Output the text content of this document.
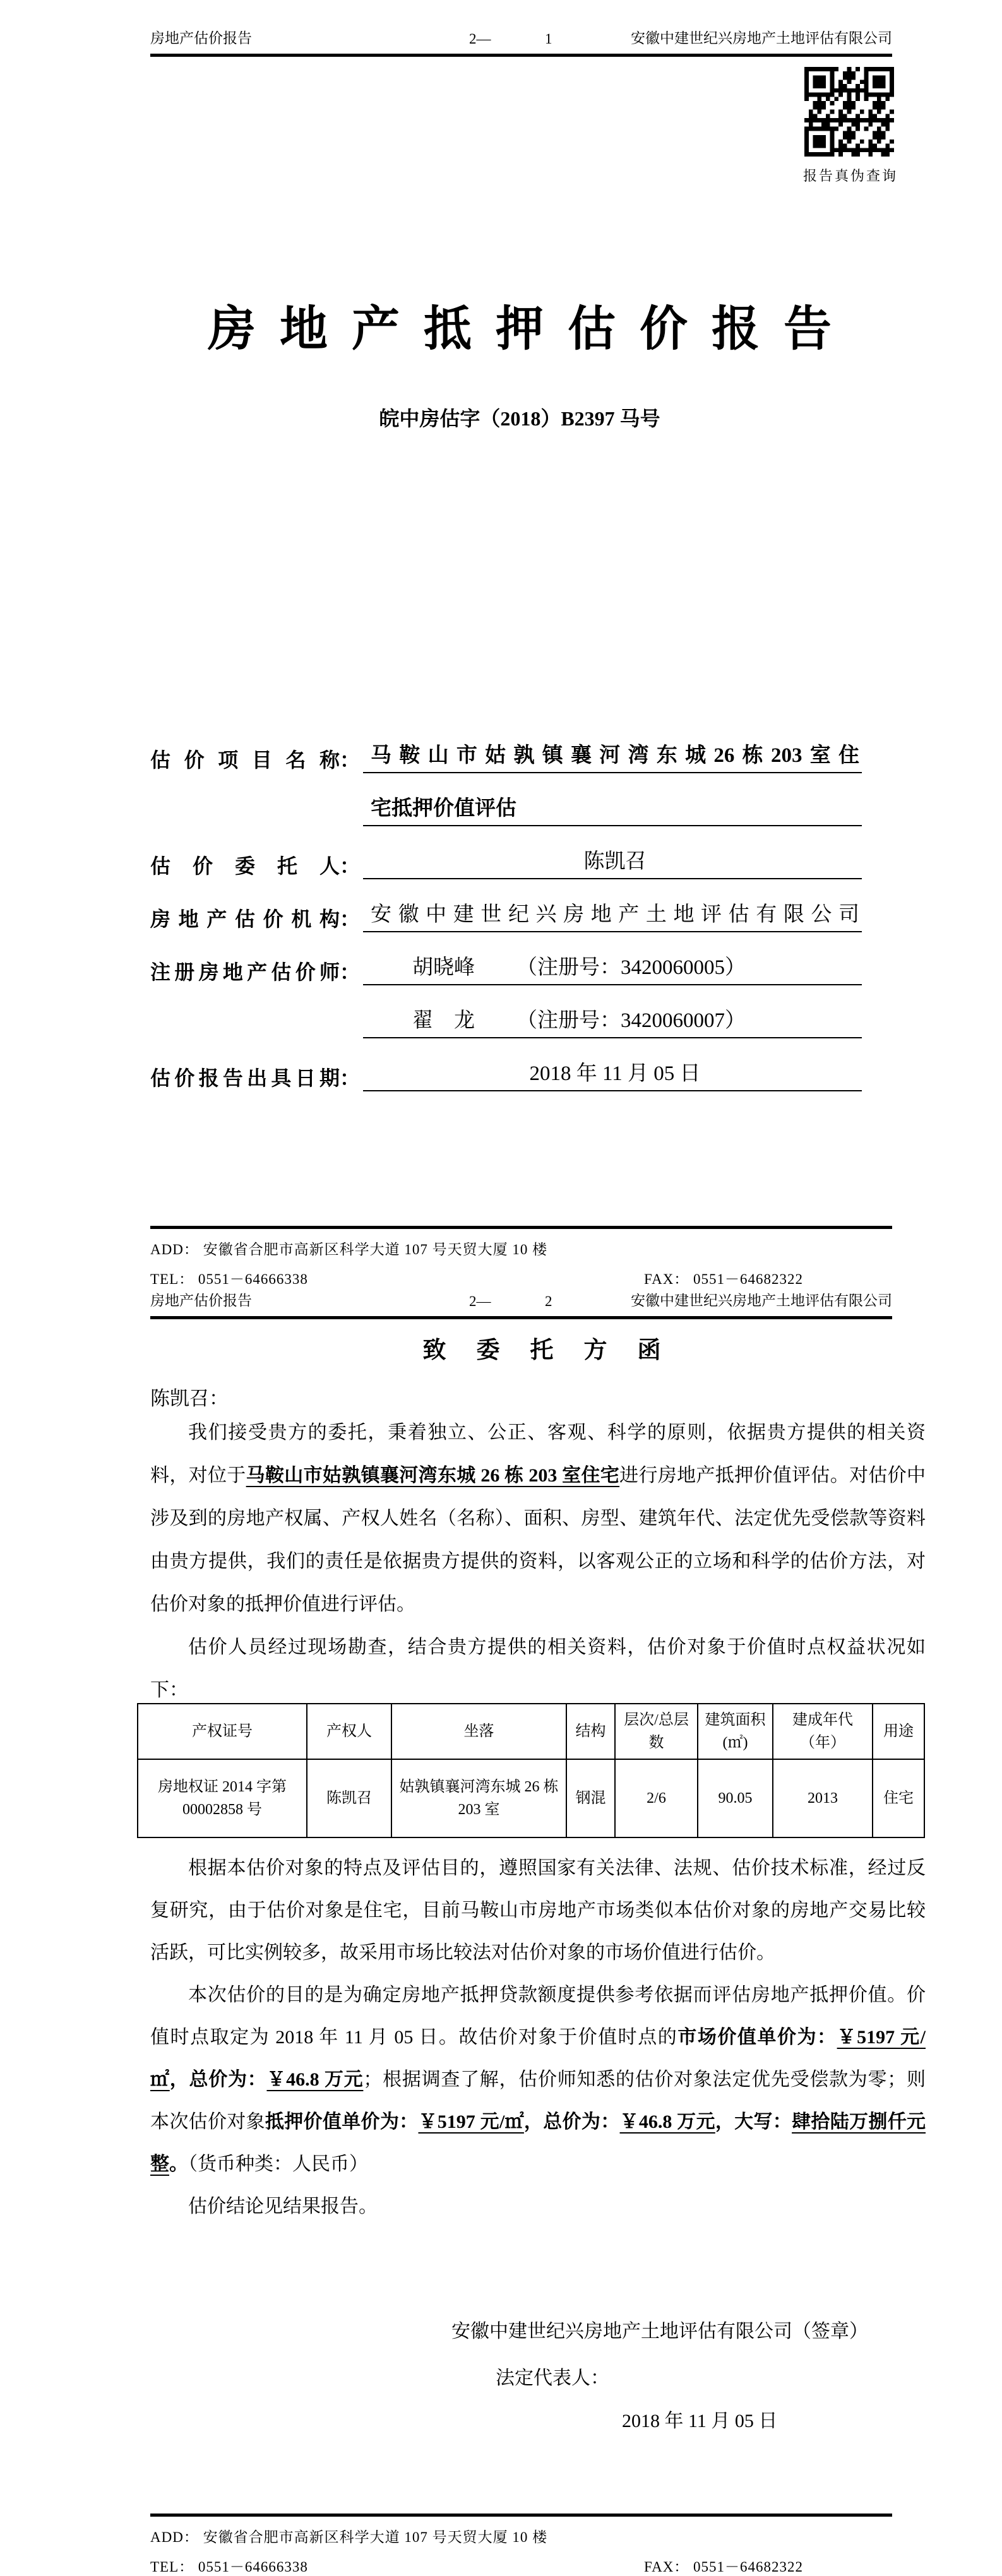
房地产估价报告	2—	1	安徽中建世纪兴房地产土地评估有限公司
报告真伪查询
房地产抵押估价报告
皖中房估字（2018）B2397 马号
估价项目名称 ： 马鞍山市姑孰镇襄河湾东城26栋203室住
宅抵押价值评估
估价委托人 ：	陈凯召
房地产估价机构 ： 安徽中建世纪兴房地产土地评估有限公司
注册房地产估价师 ：	胡晓峰 （注册号：3420060005）
翟　龙 （注册号：3420060007）
估价报告出具日期 ：	2018 年 11 月 05 日
ADD： 安徽省合肥市高新区科学大道 107 号天贸大厦 10 楼
TEL： 0551－64666338	FAX： 0551－64682322
房地产估价报告	2—	2	安徽中建世纪兴房地产土地评估有限公司
致委托方函
陈凯召：

我们接受贵方的委托，秉着独立、公正、客观、科学的原则，依据贵方提供的相关资料，对位于马鞍山市姑孰镇襄河湾东城 26 栋 203 室住宅进行房地产抵押价值评估。对估价中涉及到的房地产权属、产权人姓名（名称）、面积、房型、建筑年代、法定优先受偿款等资料由贵方提供，我们的责任是依据贵方提供的资料，以客观公正的立场和科学的估价方法，对估价对象的抵押价值进行评估。

估价人员经过现场勘查，结合贵方提供的相关资料，估价对象于价值时点权益状况如下：

产权证号	产权人	坐落	结构	层次/总层数	建筑面积(㎡)	建成年代（年）	用途
房地权证 2014 字第 00002858 号	陈凯召	姑孰镇襄河湾东城 26 栋 203 室	钢混	2/6	90.05	2013	住宅

根据本估价对象的特点及评估目的，遵照国家有关法律、法规、估价技术标准，经过反复研究，由于估价对象是住宅，目前马鞍山市房地产市场类似本估价对象的房地产交易比较活跃，可比实例较多，故采用市场比较法对估价对象的市场价值进行估价。

本次估价的目的是为确定房地产抵押贷款额度提供参考依据而评估房地产抵押价值。价值时点取定为 2018 年 11 月 05 日。故估价对象于价值时点的市场价值单价为：￥5197 元/㎡，总价为：￥46.8 万元；根据调查了解，估价师知悉的估价对象法定优先受偿款为零；则本次估价对象抵押价值单价为：￥5197 元/㎡，总价为：￥46.8 万元，大写：肆拾陆万捌仟元整。（货币种类：人民币）

估价结论见结果报告。

安徽中建世纪兴房地产土地评估有限公司（签章）
法定代表人：
2018 年 11 月 05 日
ADD： 安徽省合肥市高新区科学大道 107 号天贸大厦 10 楼
TEL： 0551－64666338	FAX： 0551－64682322
